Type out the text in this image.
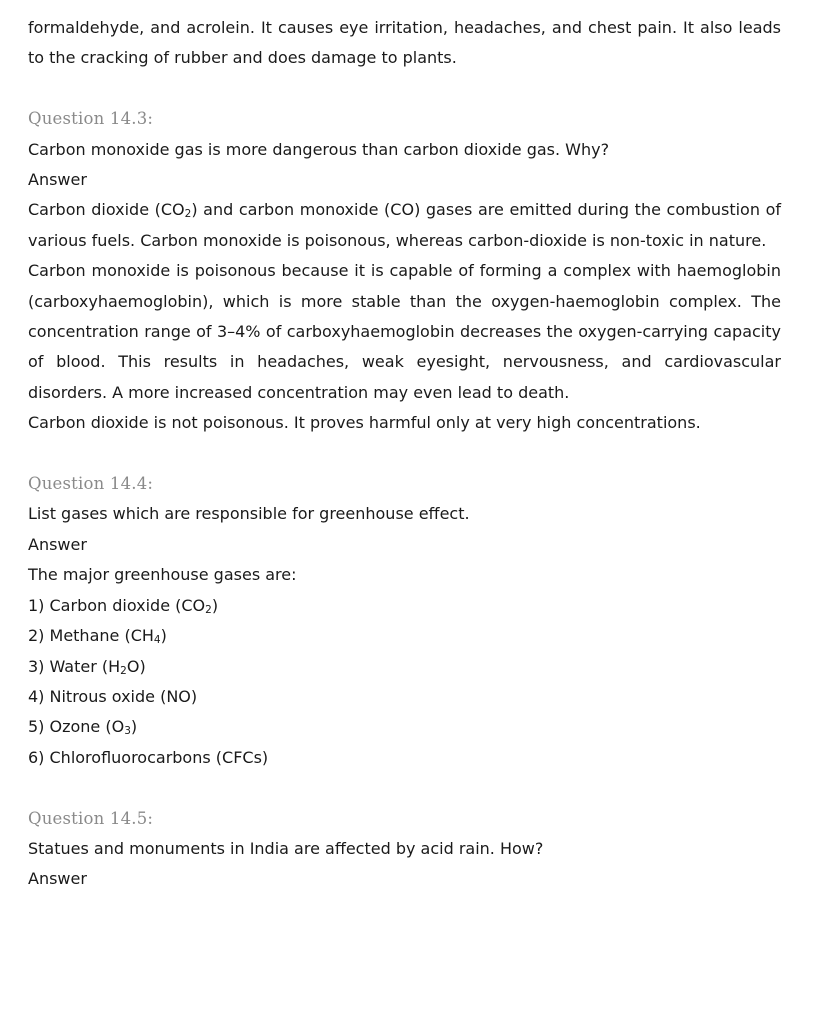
formaldehyde, and acrolein. It causes eye irritation, headaches, and chest pain. It also leads to the cracking of rubber and does damage to plants.
Question 14.3:
Carbon monoxide gas is more dangerous than carbon dioxide gas. Why?
Answer
Carbon dioxide $(CO_2)$ and carbon monoxide (CO) gases are emitted during the combustion of various fuels. Carbon monoxide is poisonous, whereas carbon-dioxide is non-toxic in nature.
Carbon monoxide is poisonous because it is capable of forming a complex with haemoglobin (carboxyhaemoglobin), which is more stable than the oxygen-haemoglobin complex. The concentration range of 3–4% of carboxyhaemoglobin decreases the oxygen-carrying capacity of blood. This results in headaches, weak eyesight, nervousness, and cardiovascular disorders. A more increased concentration may even lead to death.
Carbon dioxide is not poisonous. It proves harmful only at very high concentrations.
Question 14.4:
List gases which are responsible for greenhouse effect.
Answer
The major greenhouse gases are:
1) Carbon dioxide $(CO_2)$
2) Methane $(CH_4)$
3) Water $(H_2O)$
4) Nitrous oxide (NO)
5) Ozone $(O_3)$
6) Chlorofluorocarbons (CFCs)
Question 14.5:
Statues and monuments in India are affected by acid rain. How?
Answer
